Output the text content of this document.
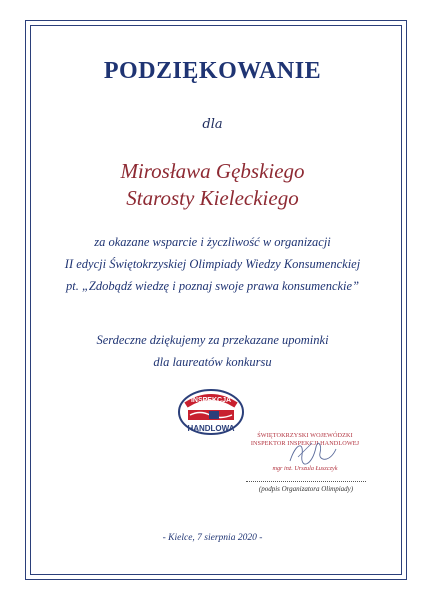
PODZIĘKOWANIE
dla
Mirosława Gębskiego
Starosty Kieleckiego
za okazane wsparcie i życzliwość w organizacji
II edycji Świętokrzyskiej Olimpiady Wiedzy Konsumenckiej
pt. „Zdobądź wiedzę i poznaj swoje prawa konsumenckie”
Serdeczne dziękujemy za przekazane upominki
dla laureatów konkursu
INSPEKCJA
HANDLOWA
ŚWIĘTOKRZYSKI WOJEWÓDZKI
INSPEKTOR INSPEKCJI HANDLOWEJ
mgr inż. Urszula Łuszczyk
(podpis Organizatora Olimpiady)
- Kielce, 7 sierpnia 2020 -
